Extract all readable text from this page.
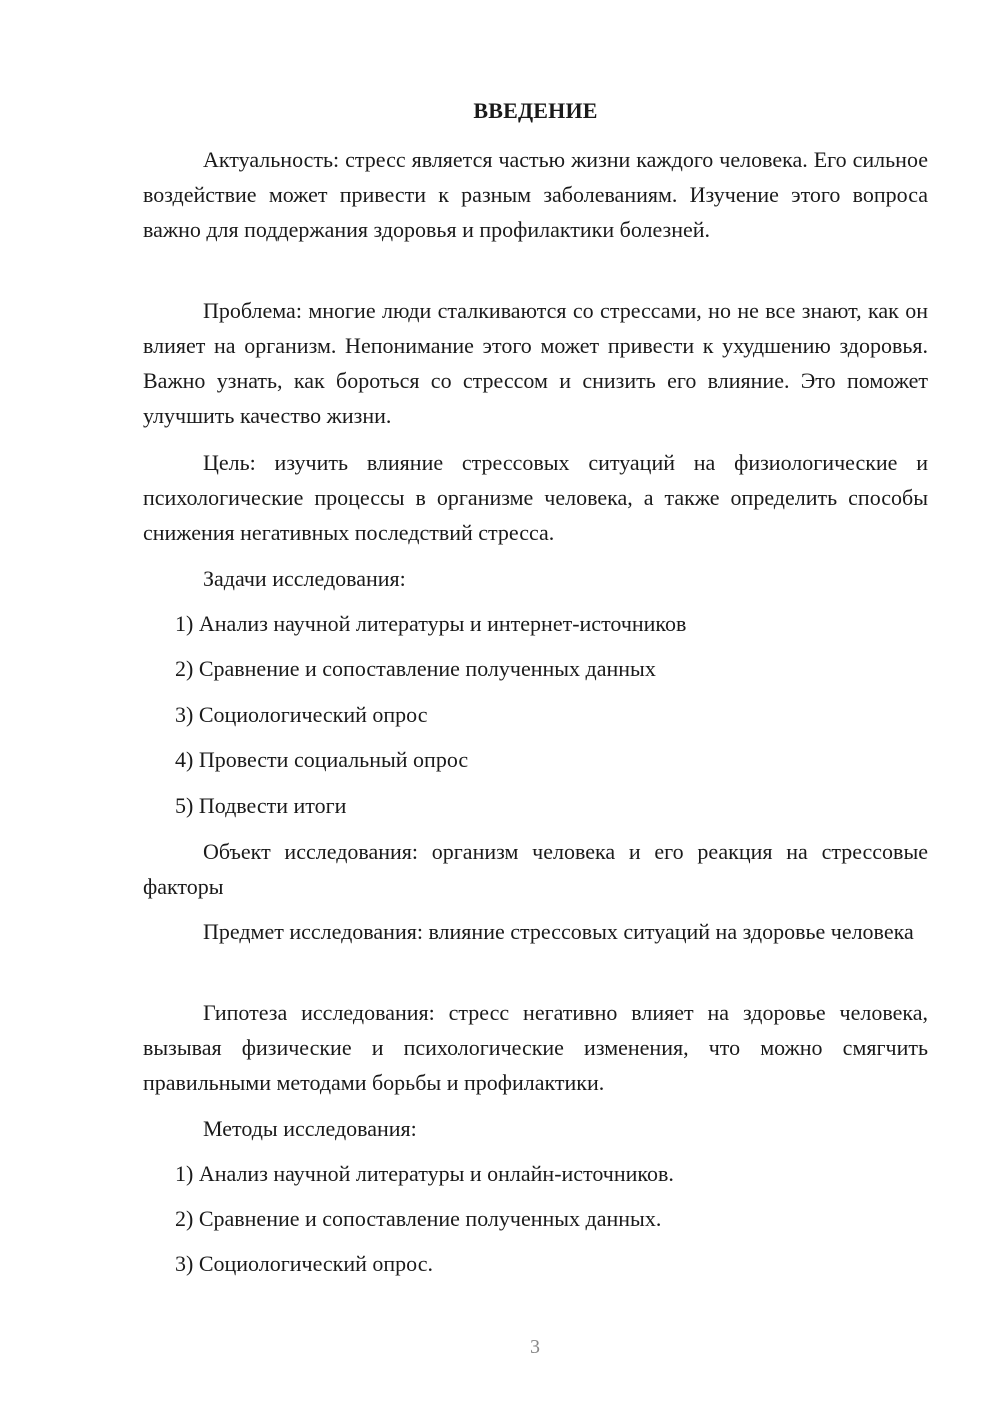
ВВЕДЕНИЕ
Актуальность: стресс является частью жизни каждого человека. Его сильное воздействие может привести к разным заболеваниям. Изучение этого вопроса важно для поддержания здоровья и профилактики болезней.
Проблема: многие люди сталкиваются со стрессами, но не все знают, как он влияет на организм. Непонимание этого может привести к ухудшению здоровья. Важно узнать, как бороться со стрессом и снизить его влияние. Это поможет улучшить качество жизни.
Цель: изучить влияние стрессовых ситуаций на физиологические и психологические процессы в организме человека, а также определить способы снижения негативных последствий стресса.
Задачи исследования:
1) Анализ научной литературы и интернет-источников
2) Сравнение и сопоставление полученных данных
3) Социологический опрос
4) Провести социальный опрос
5) Подвести итоги
Объект исследования: организм человека и его реакция на стрессовые факторы
Предмет исследования: влияние стрессовых ситуаций на здоровье человека
Гипотеза исследования: стресс негативно влияет на здоровье человека, вызывая физические и психологические изменения, что можно смягчить правильными методами борьбы и профилактики.
Методы исследования:
1) Анализ научной литературы и онлайн-источников.
2) Сравнение и сопоставление полученных данных.
3) Социологический опрос.
3
